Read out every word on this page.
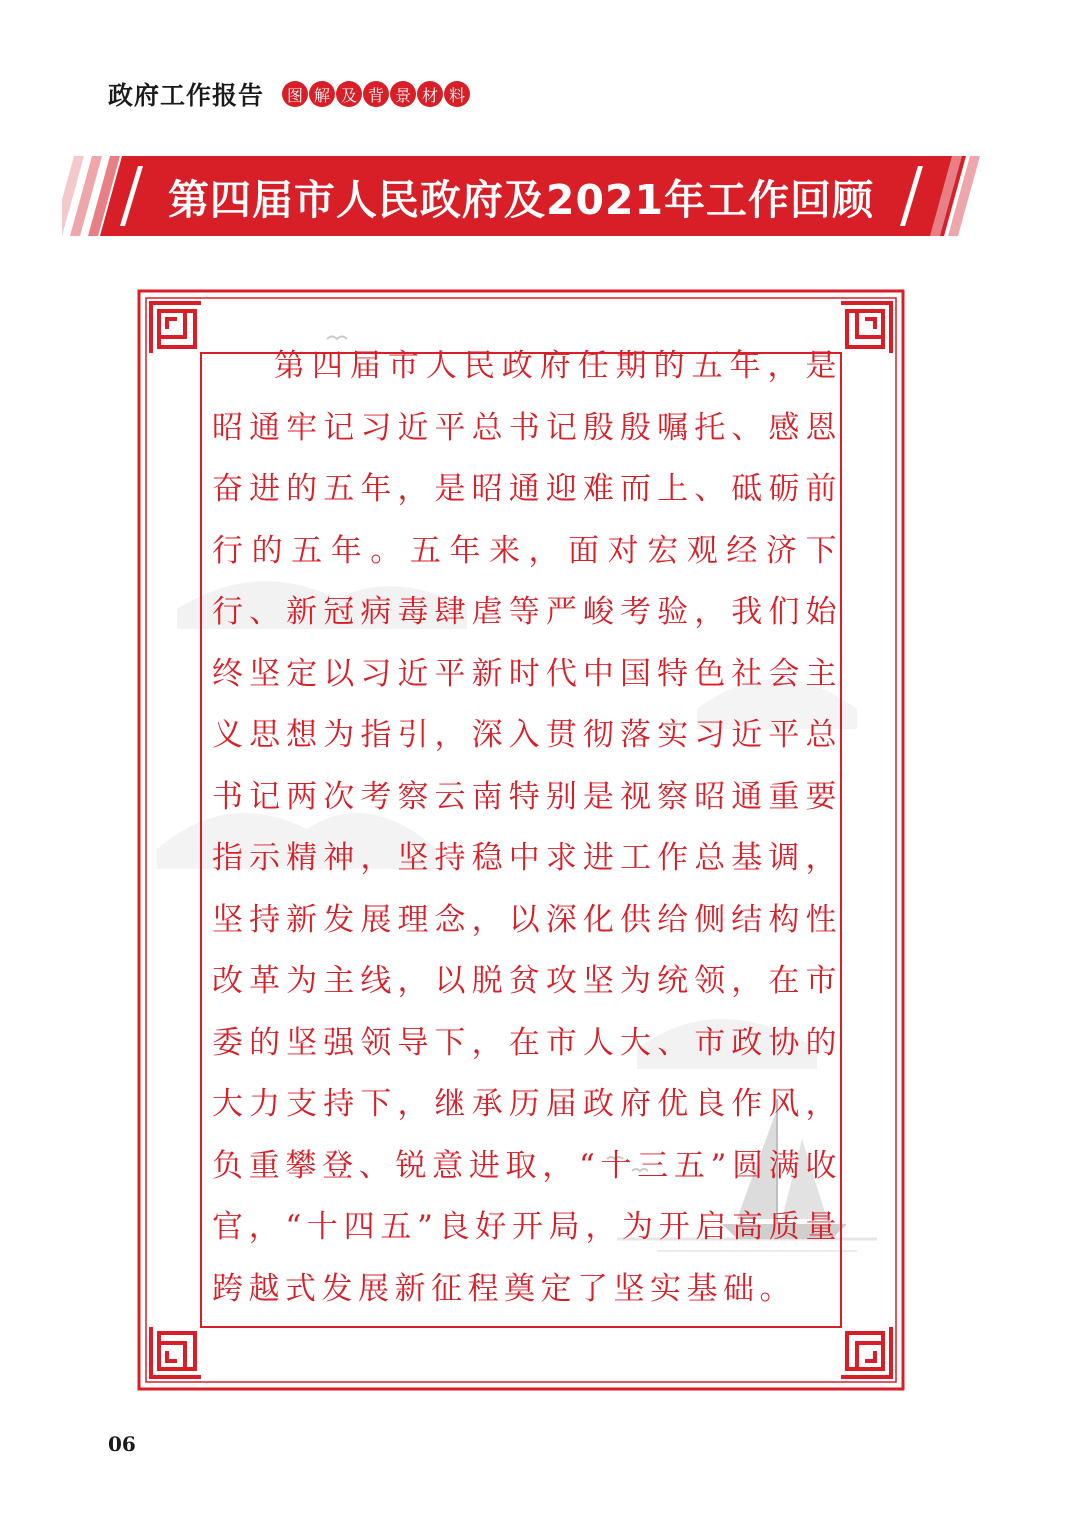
政府工作报告	图 解 及 背 景 材 料
第四届市人民政府及2021年工作回顾

第四届市人民政府任期的五年，是昭通牢记习近平总书记殷殷嘱托、感恩奋进的五年，是昭通迎难而上、砥砺前行的五年。五年来，面对宏观经济下行、新冠病毒肆虐等严峻考验，我们始终坚定以习近平新时代中国特色社会主义思想为指引，深入贯彻落实习近平总书记两次考察云南特别是视察昭通重要指示精神，坚持稳中求进工作总基调，坚持新发展理念，以深化供给侧结构性改革为主线，以脱贫攻坚为统领，在市委的坚强领导下，在市人大、市政协的大力支持下，继承历届政府优良作风，负重攀登、锐意进取，“十三五”圆满收官，“十四五”良好开局，为开启高质量跨越式发展新征程奠定了坚实基础。

06
